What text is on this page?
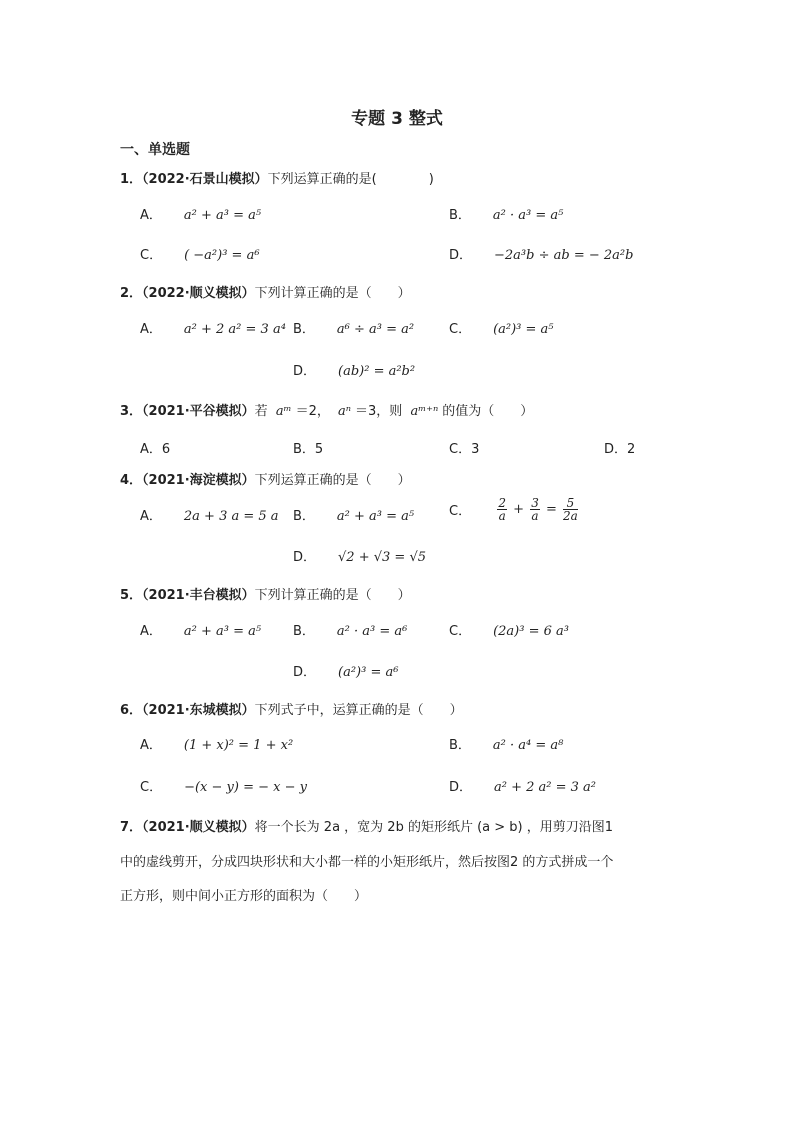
专题 3 整式
一、单选题
1．（2022·石景山模拟）下列运算正确的是(　　　　)
A． a² + a³ = a⁵	B． a² · a³ = a⁵
C． ( −a²)³ = a⁶	D． −2a³b ÷ ab = − 2a²b
2．（2022·顺义模拟）下列计算正确的是（　　）
A． a² + 2 a² = 3 a⁴ B． a⁶ ÷ a³ = a²	C． (a²)³ = a⁵
D． (ab)² = a²b²
3．（2021·平谷模拟）若 aᵐ ＝2， aⁿ ＝3，则 aᵐ⁺ⁿ 的值为（　　）
A．6	B．5	C．3	D．2
4．（2021·海淀模拟）下列运算正确的是（　　）
A． 2a + 3 a = 5 a B． a² + a³ = a⁵	C． $\frac{2}{a} + \frac{3}{a} = \frac{5}{2a}$
D． √2 + √3 = √5
5．（2021·丰台模拟）下列计算正确的是（　　）
A． a² + a³ = a⁵ B． a² · a³ = a⁶	C． (2a)³ = 6 a³
D． (a²)³ = a⁶
6．（2021·东城模拟）下列式子中，运算正确的是（　　）
A． (1 + x)² = 1 + x²	B． a² · a⁴ = a⁸
C． −(x − y) = − x − y	D． a² + 2 a² = 3 a²
7．（2021·顺义模拟）将一个长为 2a ，宽为 2b 的矩形纸片 (a > b) ，用剪刀沿图1
中的虚线剪开，分成四块形状和大小都一样的小矩形纸片，然后按图2 的方式拼成一个
正方形，则中间小正方形的面积为（　　）
